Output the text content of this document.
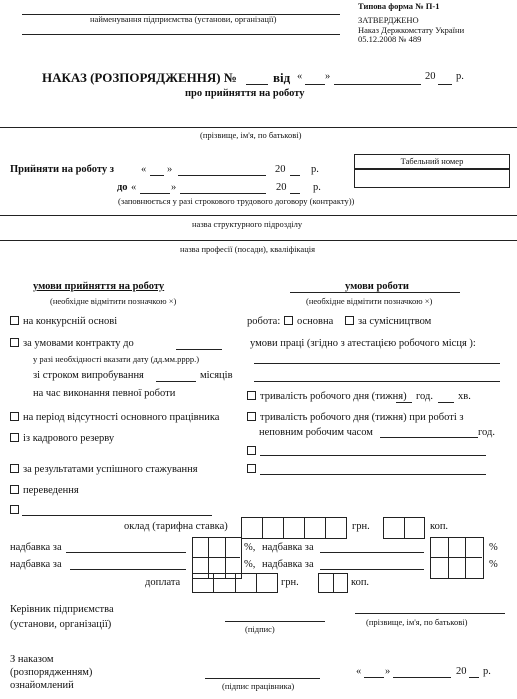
найменування підприємства (установи, організації)
Типова форма № П-1
ЗАТВЕРДЖЕНО
Наказ Держкомстату України
05.12.2008 № 489
НАКАЗ (РОЗПОРЯДЖЕННЯ) №	від « »	20 р.
про прийняття на роботу
(прізвище, ім'я, по батькові)
Прийняти на роботу з	« »	20 р.
Табельний номер
до «	»	20	р.
(заповнюється у разі строкового трудового договору (контракту))
назва структурного підрозділу
назва професії (посади), кваліфікація
умови прийняття на роботу
(необхідне відмітити позначкою ×)
на конкурсній основі
за умовами контракту до
у разі необхідності вказати дату (дд.мм.рррр.)
зі строком випробування	місяців
на час виконання певної роботи
на період відсутності основного працівника
із кадрового резерву
за результатами успішного стажування
переведення
умови роботи
(необхідне відмітити позначкою ×)
робота:	основна	за сумісництвом
умови праці (згідно з атестацією робочого місця ):
тривалість робочого дня (тижня) год. хв.
тривалість робочого дня (тижня) при роботі з
неповним робочим часом	год.
оклад (тарифна ставка)	грн.	коп.
надбавка за	%, надбавка за	%
надбавка за	%, надбавка за	%
доплата	грн.	коп.
Керівник підприємства
(установи, організації)	(підпис)
(прізвище, ім'я, по батькові)
З наказом
(розпорядженням)
ознайомлений	(підпис працівника)
« »	20 р.
